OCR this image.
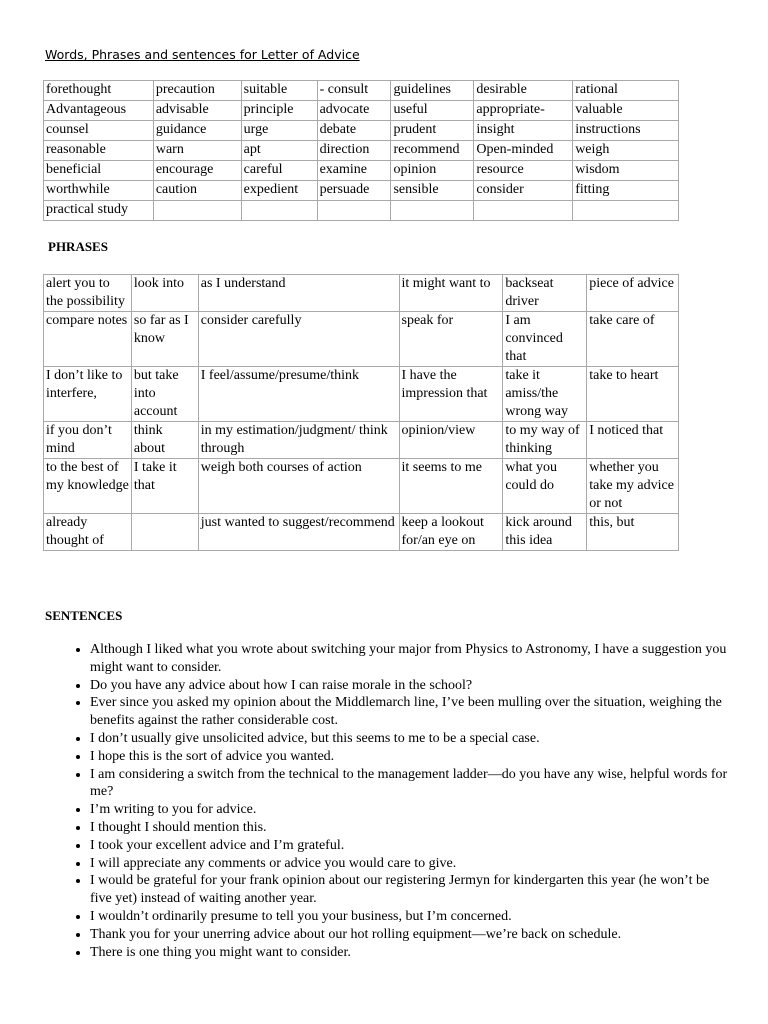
Words, Phrases and sentences for Letter of Advice
forethought	precaution	suitable	- consult	guidelines	desirable	rational
Advantageous	advisable	principle	advocate	useful	appropriate-	valuable
counsel	guidance	urge	debate	prudent	insight	instructions
reasonable	warn	apt	direction	recommend	Open-minded	weigh
beneficial	encourage	careful	examine	opinion	resource	wisdom
worthwhile	caution	expedient	persuade	sensible	consider	fitting
practical study						
PHRASES
alert you to the possibility	look into	as I understand	it might want to	backseat driver	piece of advice
compare notes	so far as I know	consider carefully	speak for	I am convinced that	take care of
I don’t like to interfere,	but take into account	I feel/assume/presume/think	I have the impression that	take it amiss/the wrong way	take to heart
if you don’t mind	think about	in my estimation/judgment/ think through	opinion/view	to my way of thinking	I noticed that
to the best of my knowledge	I take it that	weigh both courses of action	it seems to me	what you could do	whether you take my advice or not
already thought of		just wanted to suggest/recommend	keep a lookout for/an eye on	kick around this idea	this, but
SENTENCES
• Although I liked what you wrote about switching your major from Physics to Astronomy, I have a suggestion you might want to consider.
• Do you have any advice about how I can raise morale in the school?
• Ever since you asked my opinion about the Middlemarch line, I’ve been mulling over the situation, weighing the benefits against the rather considerable cost.
• I don’t usually give unsolicited advice, but this seems to me to be a special case.
• I hope this is the sort of advice you wanted.
• I am considering a switch from the technical to the management ladder—do you have any wise, helpful words for me?
• I’m writing to you for advice.
• I thought I should mention this.
• I took your excellent advice and I’m grateful.
• I will appreciate any comments or advice you would care to give.
• I would be grateful for your frank opinion about our registering Jermyn for kindergarten this year (he won’t be five yet) instead of waiting another year.
• I wouldn’t ordinarily presume to tell you your business, but I’m concerned.
• Thank you for your unerring advice about our hot rolling equipment—we’re back on schedule.
• There is one thing you might want to consider.
